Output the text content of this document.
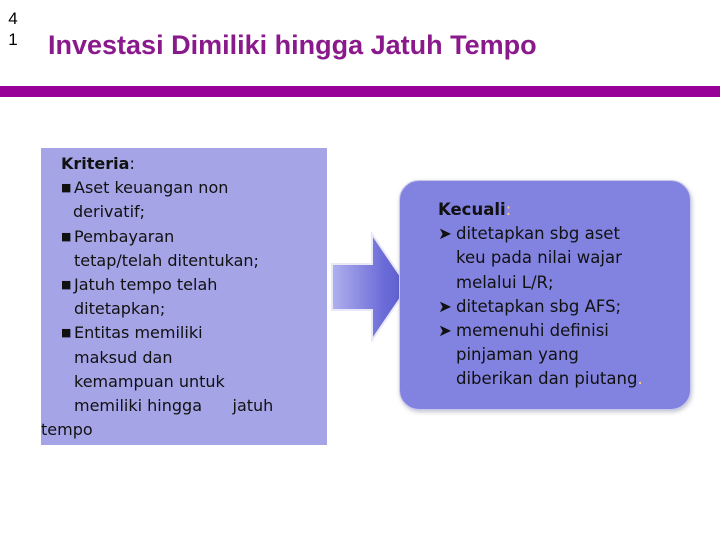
4
1 Investasi Dimiliki hingga Jatuh Tempo
Kriteria:
■ Aset keuangan non
derivatif;
■ Pembayaran
tetap/telah ditentukan;
■ Jatuh tempo telah
ditetapkan;
■ Entitas memiliki
maksud dan
kemampuan untuk
memiliki hingga      jatuh
tempo
Kecuali:
➤ ditetapkan sbg aset
keu pada nilai wajar
melalui L/R;
➤ ditetapkan sbg AFS;
➤ memenuhi definisi
pinjaman yang
diberikan dan piutang.
